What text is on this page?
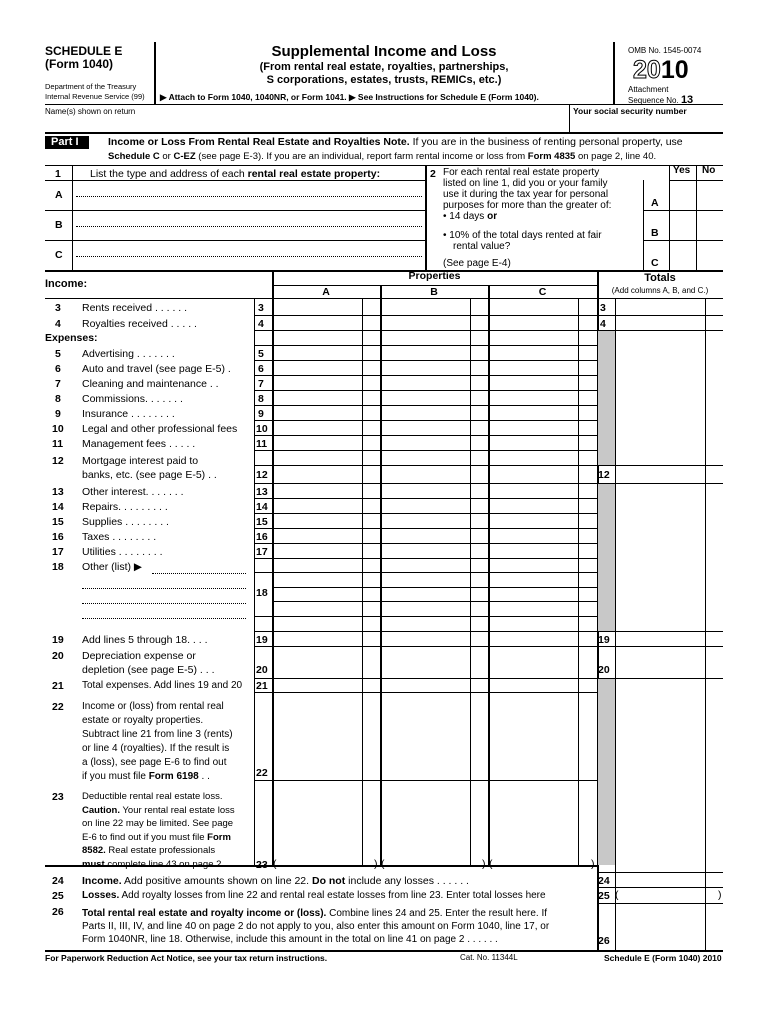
SCHEDULE E
(Form 1040)
Department of the Treasury
Internal Revenue Service (99)
Supplemental Income and Loss
(From rental real estate, royalties, partnerships,
S corporations, estates, trusts, REMICs, etc.)
▶ Attach to Form 1040, 1040NR, or Form 1041. ▶ See Instructions for Schedule E (Form 1040).
OMB No. 1545-0074
2010
Attachment
Sequence No. 13
Name(s) shown on return	Your social security number
Part I	Income or Loss From Rental Real Estate and Royalties Note. If you are in the business of renting personal property, use
Schedule C or C-EZ (see page E-3). If you are an individual, report farm rental income or loss from Form 4835 on page 2, line 40.
1	List the type and address of each rental real estate property:
A
B
C
2 For each rental real estate property
listed on line 1, did you or your family
use it during the tax year for personal
purposes for more than the greater of:
• 14 days or
• 10% of the total days rented at fair
rental value?
(See page E-4)
Yes No
A
B
C
Income:
Properties
A	B	C
Totals
(Add columns A, B, and C.)
3 Rents received . . . . . .	3	3
4 Royalties received . . . . .	4	4
Expenses:
5 Advertising . . . . . . .	5
6 Auto and travel (see page E-5) .	6
7 Cleaning and maintenance . .	7
8 Commissions. . . . . . .	8
9 Insurance . . . . . . . .	9
10 Legal and other professional fees 10
11 Management fees . . . . .	11
12 Mortgage interest paid to
banks, etc. (see page E-5) . .	12	12
13 Other interest. . . . . . .	13
14 Repairs. . . . . . . . .	14
15 Supplies . . . . . . . .	15
16 Taxes . . . . . . . .	16
17 Utilities . . . . . . . .	17
18 Other (list) ▶
18
19 Add lines 5 through 18. . . .	19	19
20 Depreciation expense or
depletion (see page E-5) . . .	20	20
21 Total expenses. Add lines 19 and 20 21
22 Income or (loss) from rental real
estate or royalty properties.
Subtract line 21 from line 3 (rents)
or line 4 (royalties). If the result is
a (loss), see page E-6 to find out
if you must file Form 6198 . .	22
23 Deductible rental real estate loss.
Caution. Your rental real estate loss
on line 22 may be limited. See page
E-6 to find out if you must file Form
8582. Real estate professionals
must complete line 43 on page 2 .	23 (	) (	) (	)
24 Income. Add positive amounts shown on line 22. Do not include any losses . . . . . .	24
25 Losses. Add royalty losses from line 22 and rental real estate losses from line 23. Enter total losses here	25 (	)
26 Total rental real estate and royalty income or (loss). Combine lines 24 and 25. Enter the result here. If
Parts II, III, IV, and line 40 on page 2 do not apply to you, also enter this amount on Form 1040, line 17, or
Form 1040NR, line 18. Otherwise, include this amount in the total on line 41 on page 2 . . . . . .	26
For Paperwork Reduction Act Notice, see your tax return instructions.	Cat. No. 11344L	Schedule E (Form 1040) 2010
